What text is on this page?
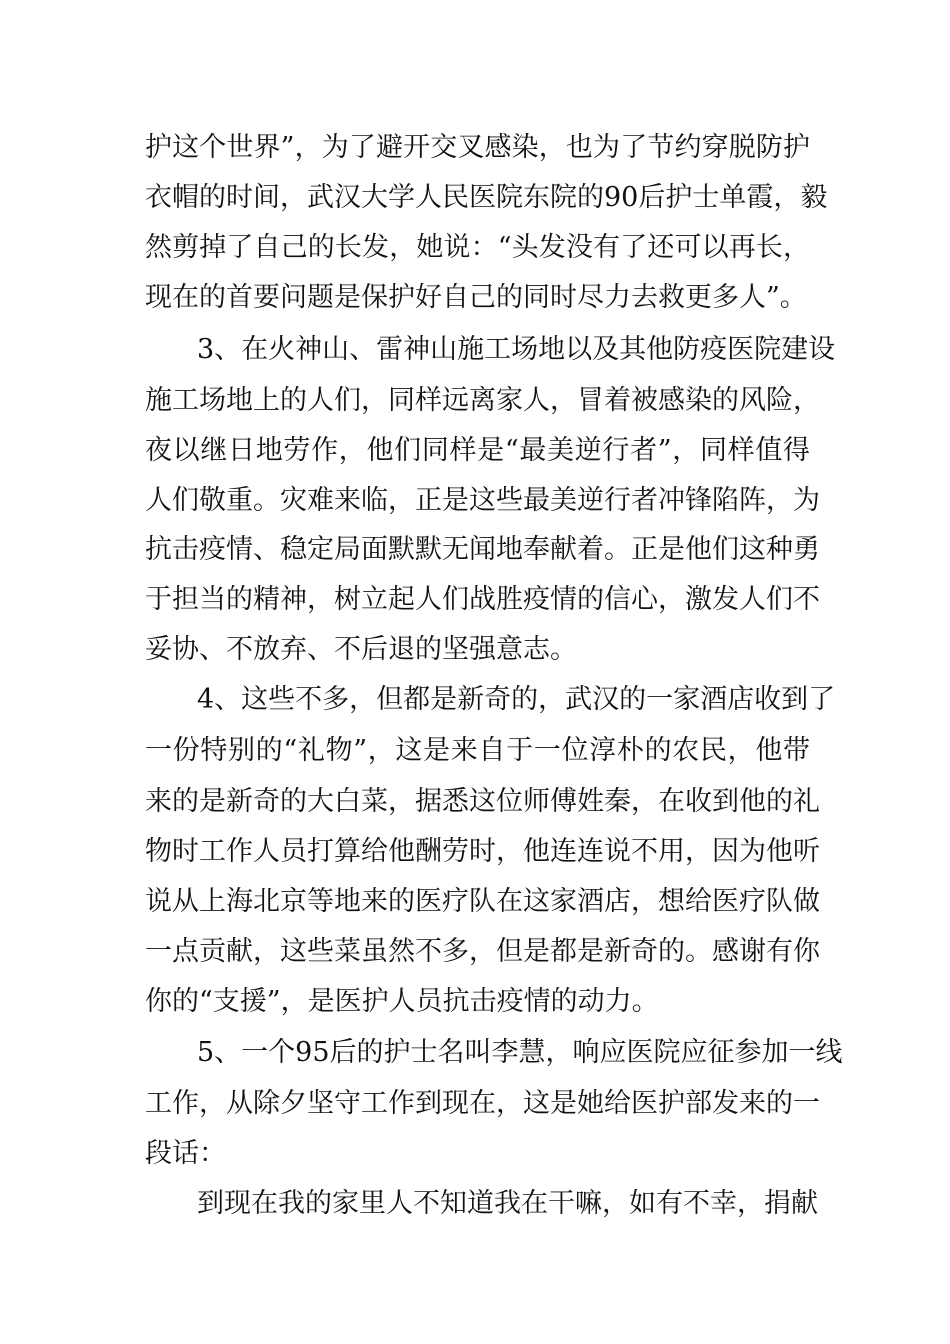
护这个世界”，为了避开交叉感染，也为了节约穿脱防护
衣帽的时间，武汉大学人民医院东院的90后护士单霞，毅
然剪掉了自己的长发，她说：“头发没有了还可以再长，
现在的首要问题是保护好自己的同时尽力去救更多人”。
3、在火神山、雷神山施工场地以及其他防疫医院建设
施工场地上的人们，同样远离家人，冒着被感染的风险，
夜以继日地劳作，他们同样是“最美逆行者”，同样值得
人们敬重。灾难来临，正是这些最美逆行者冲锋陷阵，为
抗击疫情、稳定局面默默无闻地奉献着。正是他们这种勇
于担当的精神，树立起人们战胜疫情的信心，激发人们不
妥协、不放弃、不后退的坚强意志。
4、这些不多，但都是新奇的，武汉的一家酒店收到了
一份特别的“礼物”，这是来自于一位淳朴的农民，他带
来的是新奇的大白菜，据悉这位师傅姓秦，在收到他的礼
物时工作人员打算给他酬劳时，他连连说不用，因为他听
说从上海北京等地来的医疗队在这家酒店，想给医疗队做
一点贡献，这些菜虽然不多，但是都是新奇的。感谢有你
你的“支援”，是医护人员抗击疫情的动力。
5、一个95后的护士名叫李慧，响应医院应征参加一线
工作，从除夕坚守工作到现在，这是她给医护部发来的一
段话：
到现在我的家里人不知道我在干嘛，如有不幸，捐献
